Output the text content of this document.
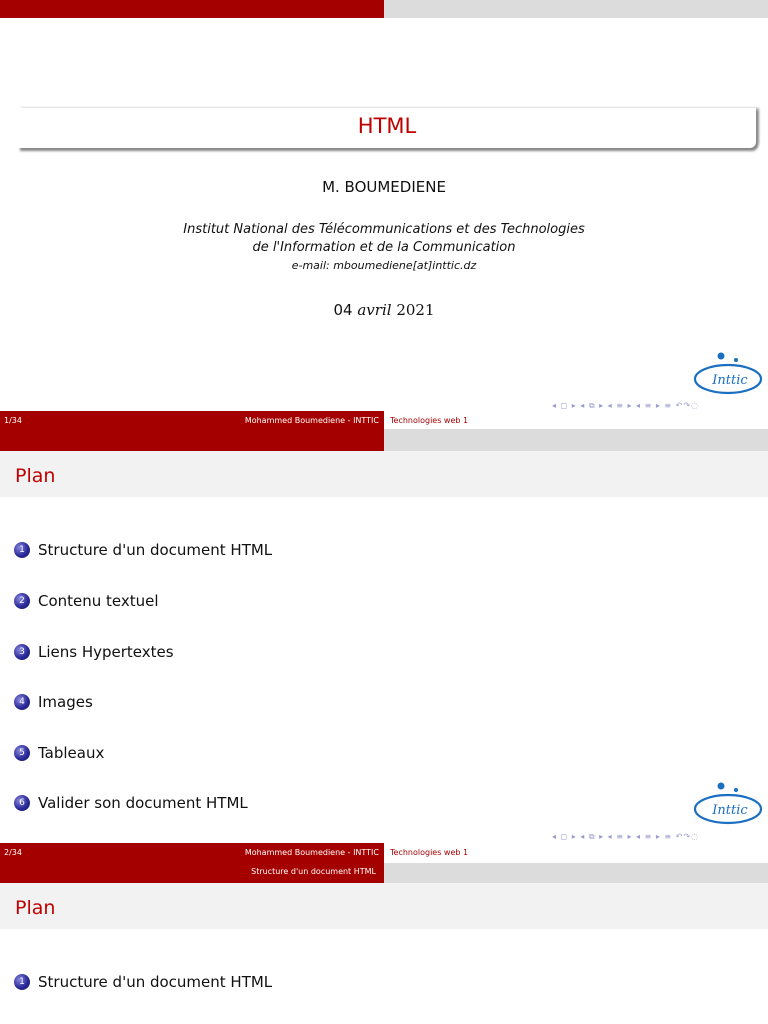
HTML
M. BOUMEDIENE
Institut National des Télécommunications et des Technologies
de l'Information et de la Communication
e-mail: mboumediene[at]inttic.dz
04 avril 2021
Inttic
◂ ◻ ▸ ◂ ⧉ ▸ ◂ ≡ ▸ ◂ ≡ ▸ ≡ ↶↷◌
1/34	Mohammed Boumediene - INTTIC Technologies web 1
Plan
1 Structure d'un document HTML
2 Contenu textuel
3 Liens Hypertextes
4 Images
5 Tableaux
6 Valider son document HTML	Inttic
◂ ◻ ▸ ◂ ⧉ ▸ ◂ ≡ ▸ ◂ ≡ ▸ ≡ ↶↷◌
2/34	Mohammed Boumediene - INTTIC Technologies web 1
Structure d'un document HTML
Plan
1 Structure d'un document HTML
